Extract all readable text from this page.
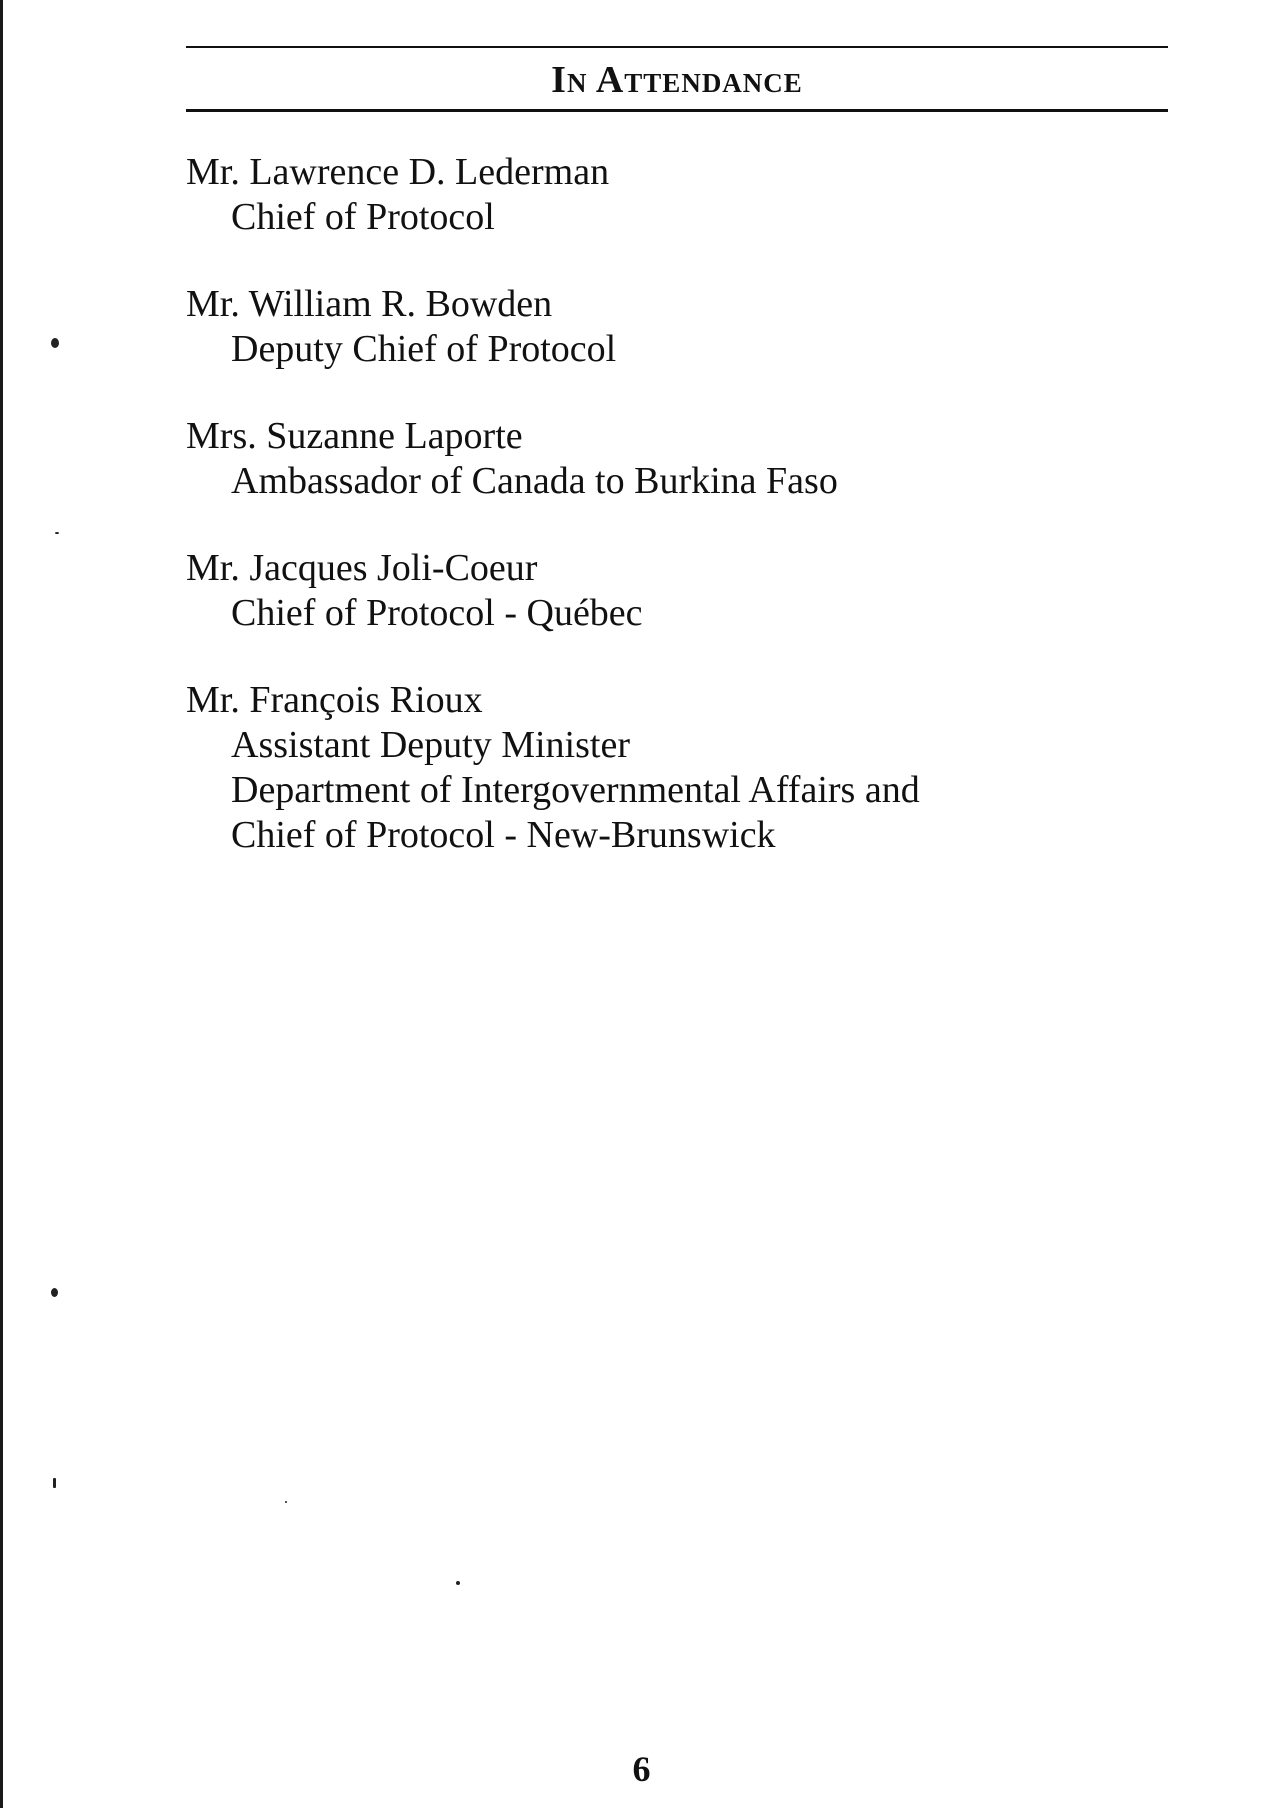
In Attendance
Mr. Lawrence D. Lederman
Chief of Protocol
Mr. William R. Bowden
Deputy Chief of Protocol
Mrs. Suzanne Laporte
Ambassador of Canada to Burkina Faso
Mr. Jacques Joli-Coeur
Chief of Protocol - Québec
Mr. François Rioux
Assistant Deputy Minister
Department of Intergovernmental Affairs and
Chief of Protocol - New-Brunswick
6
